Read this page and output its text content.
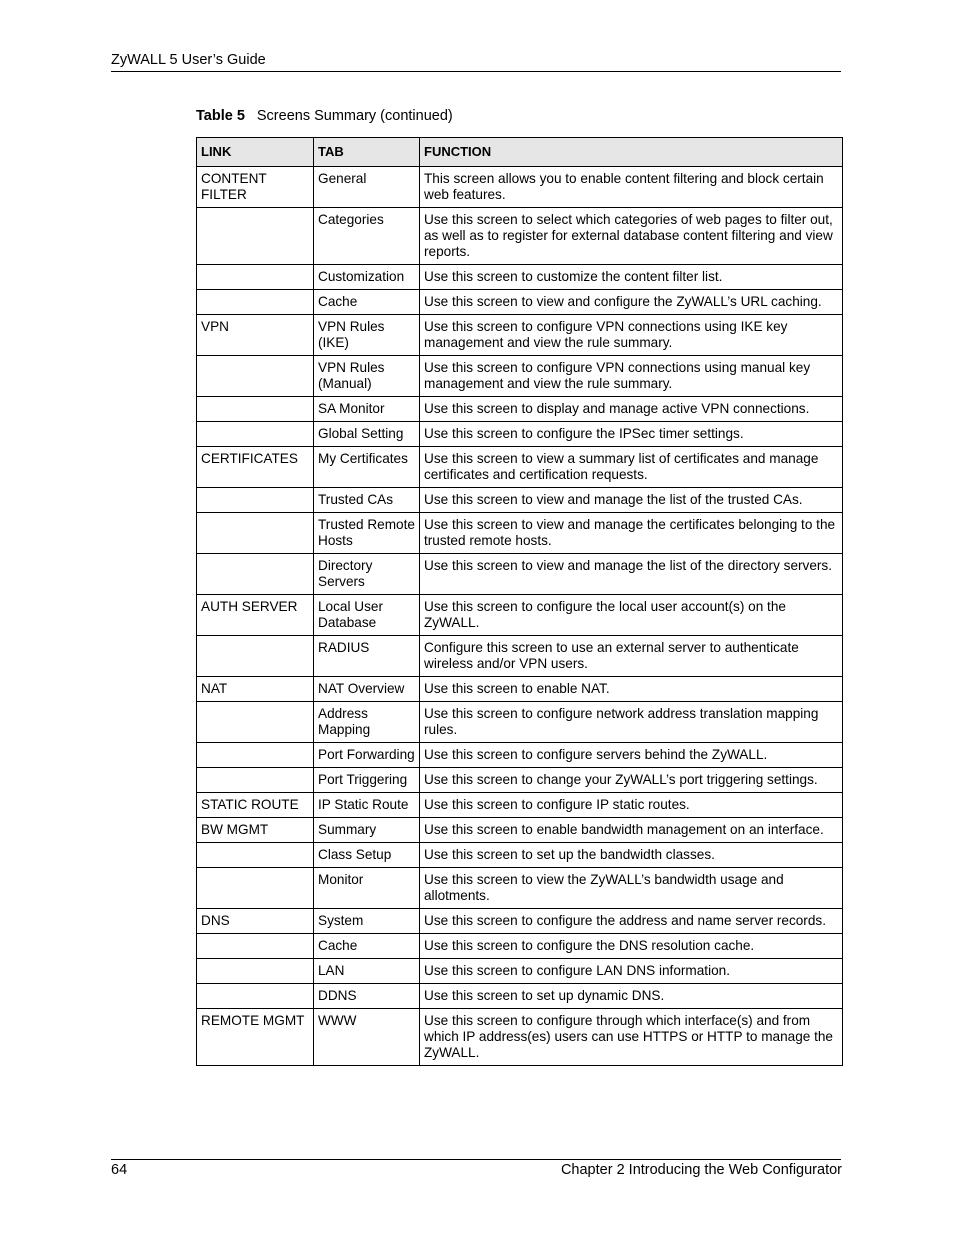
ZyWALL 5 User’s Guide
Table 5 Screens Summary (continued)
LINK	TAB	FUNCTION
CONTENT FILTER	General	This screen allows you to enable content filtering and block certain web features.
	Categories	Use this screen to select which categories of web pages to filter out, as well as to register for external database content filtering and view reports.
	Customization	Use this screen to customize the content filter list.
	Cache	Use this screen to view and configure the ZyWALL’s URL caching.
VPN	VPN Rules (IKE)	Use this screen to configure VPN connections using IKE key management and view the rule summary.
	VPN Rules (Manual)	Use this screen to configure VPN connections using manual key management and view the rule summary.
	SA Monitor	Use this screen to display and manage active VPN connections.
	Global Setting	Use this screen to configure the IPSec timer settings.
CERTIFICATES	My Certificates	Use this screen to view a summary list of certificates and manage certificates and certification requests.
	Trusted CAs	Use this screen to view and manage the list of the trusted CAs.
	Trusted Remote Hosts	Use this screen to view and manage the certificates belonging to the trusted remote hosts.
	Directory Servers	Use this screen to view and manage the list of the directory servers.
AUTH SERVER	Local User Database	Use this screen to configure the local user account(s) on the ZyWALL.
	RADIUS	Configure this screen to use an external server to authenticate wireless and/or VPN users.
NAT	NAT Overview	Use this screen to enable NAT.
	Address Mapping	Use this screen to configure network address translation mapping rules.
	Port Forwarding	Use this screen to configure servers behind the ZyWALL.
	Port Triggering	Use this screen to change your ZyWALL’s port triggering settings.
STATIC ROUTE	IP Static Route	Use this screen to configure IP static routes.
BW MGMT	Summary	Use this screen to enable bandwidth management on an interface.
	Class Setup	Use this screen to set up the bandwidth classes.
	Monitor	Use this screen to view the ZyWALL’s bandwidth usage and allotments.
DNS	System	Use this screen to configure the address and name server records.
	Cache	Use this screen to configure the DNS resolution cache.
	LAN	Use this screen to configure LAN DNS information.
	DDNS	Use this screen to set up dynamic DNS.
REMOTE MGMT	WWW	Use this screen to configure through which interface(s) and from which IP address(es) users can use HTTPS or HTTP to manage the ZyWALL.
64	Chapter 2 Introducing the Web Configurator
